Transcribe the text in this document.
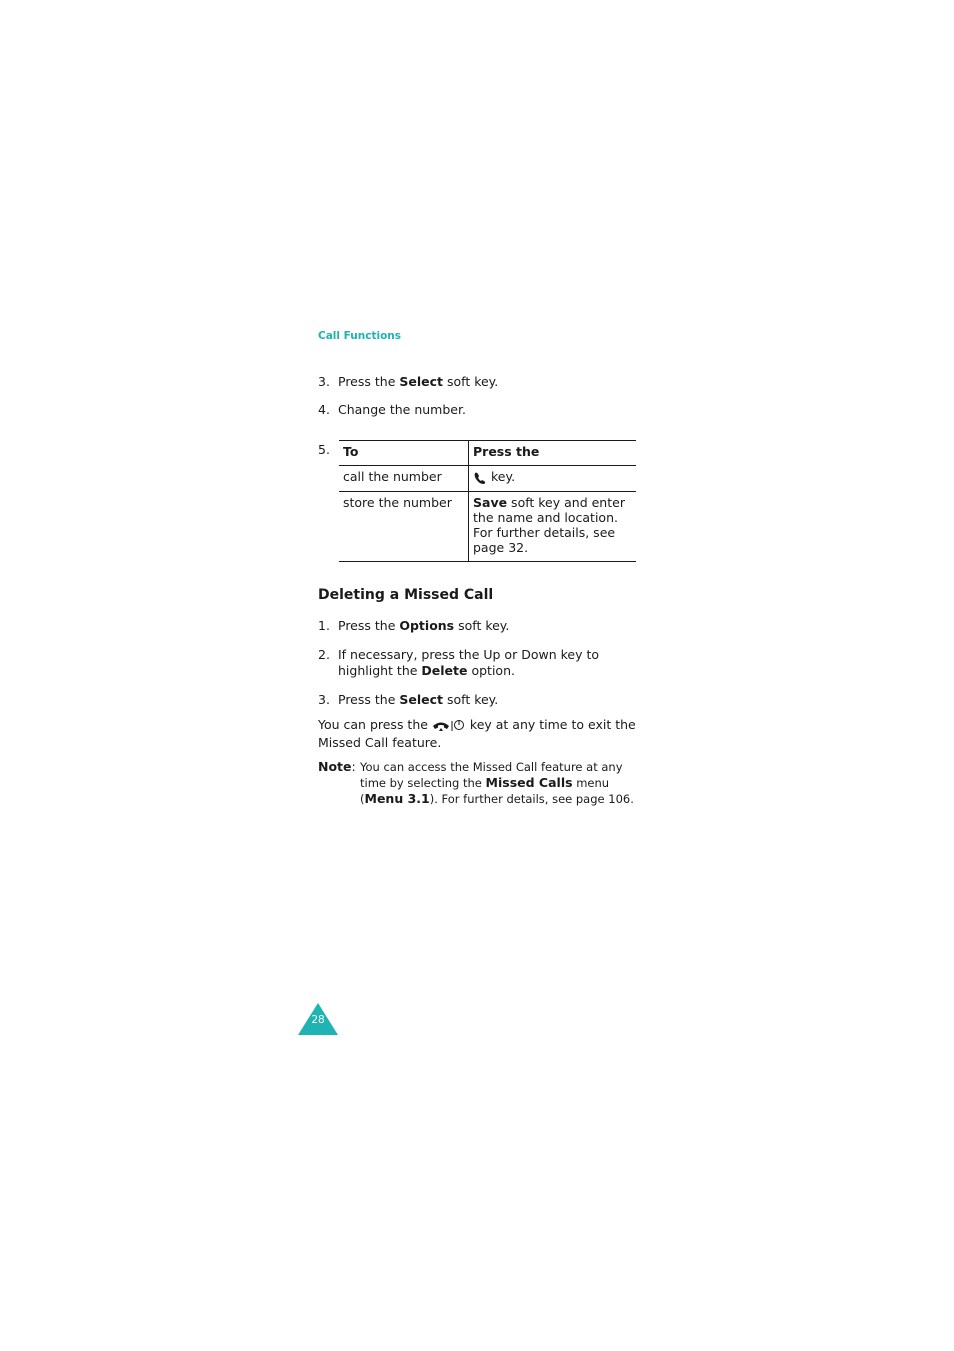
Call Functions
3. Press the Select soft key.
4. Change the number.
5. To	Press the
call the number	key.
store the number	Save soft key and enter the name and location. For further details, see page 32.
Deleting a Missed Call
1. Press the Options soft key.
2. If necessary, press the Up or Down key to highlight the Delete option.
3. Press the Select soft key.
You can press the	key at any time to exit the Missed Call feature.
Note: You can access the Missed Call feature at any time by selecting the Missed Calls menu (Menu 3.1). For further details, see page 106.
28
